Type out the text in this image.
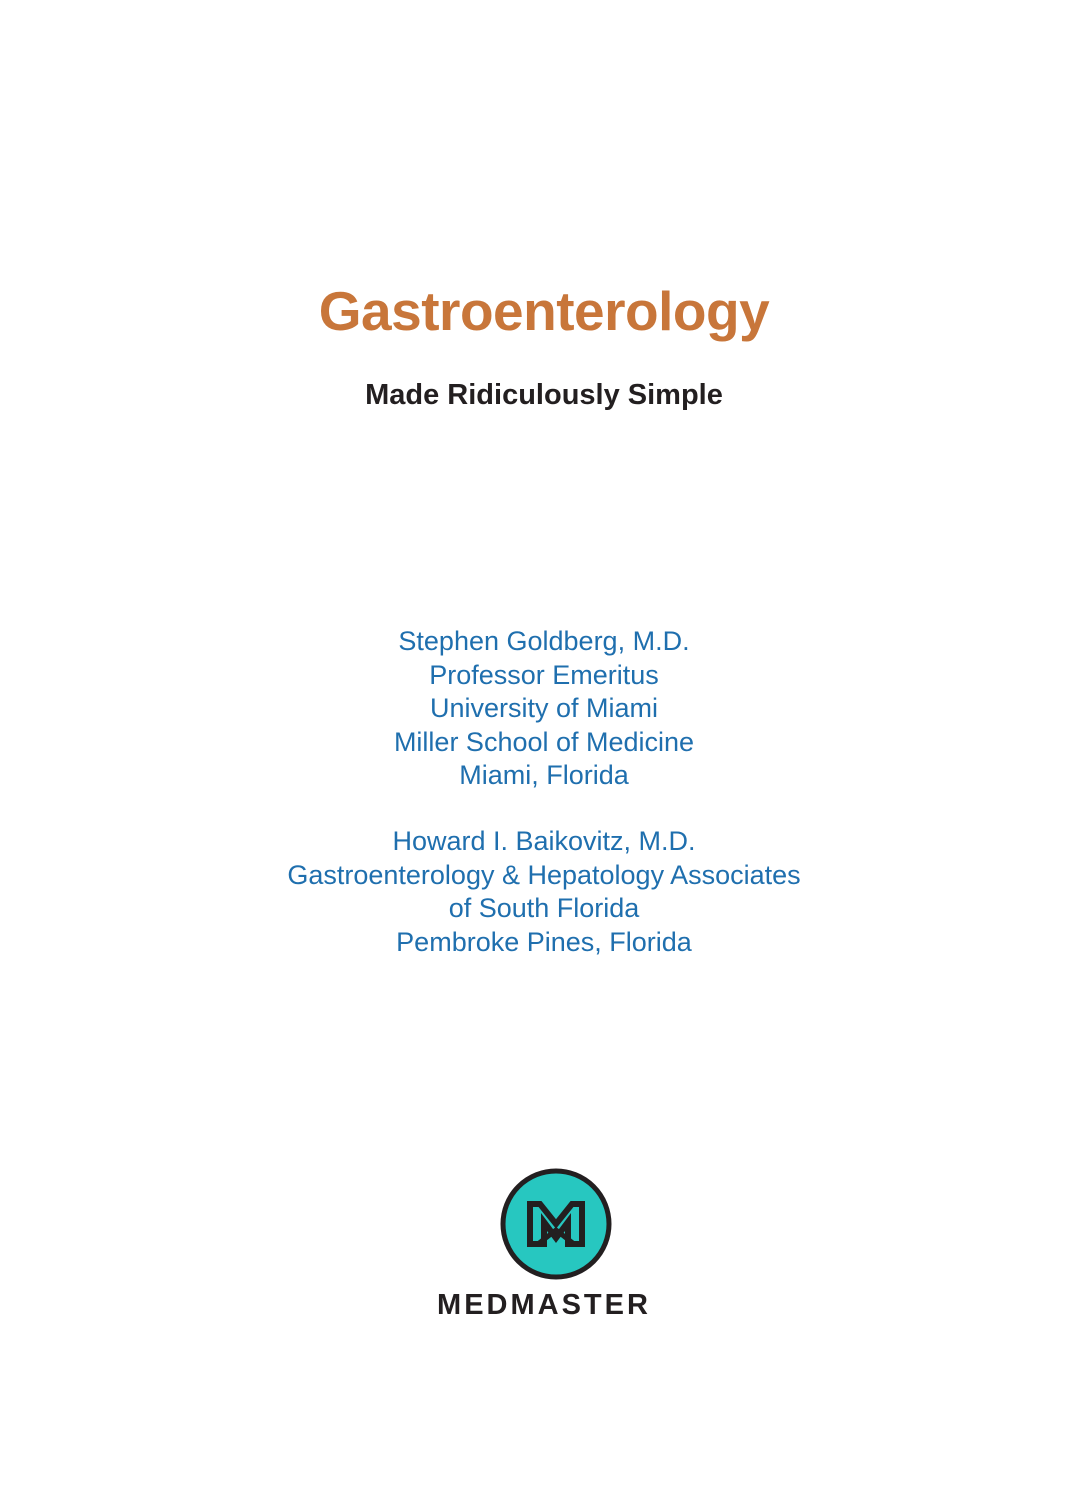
Gastroenterology
Made Ridiculously Simple
Stephen Goldberg, M.D.
Professor Emeritus
University of Miami
Miller School of Medicine
Miami, Florida
Howard I. Baikovitz, M.D.
Gastroenterology & Hepatology Associates
of South Florida
Pembroke Pines, Florida
MEDMASTER
